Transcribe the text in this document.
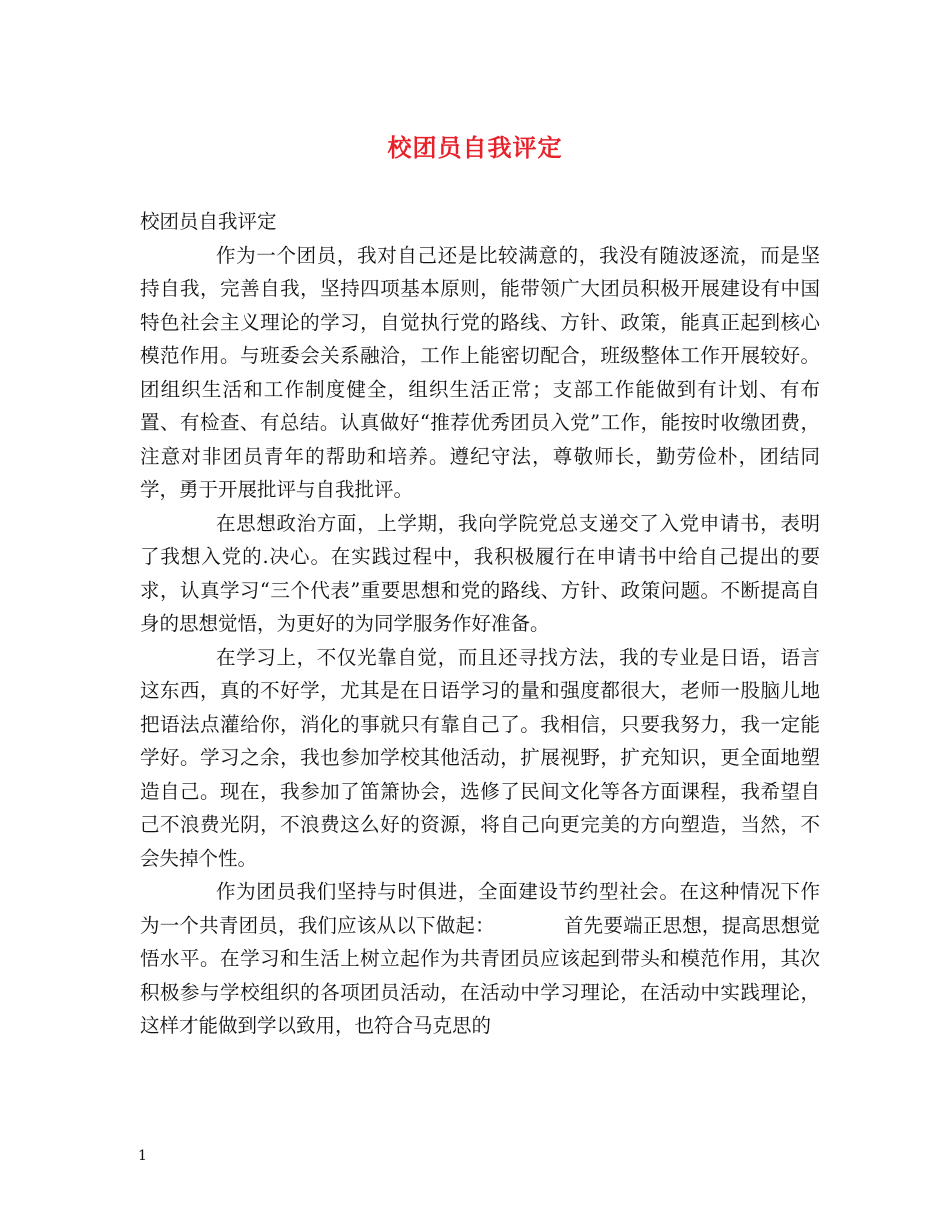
校团员自我评定

校团员自我评定

作为一个团员，我对自己还是比较满意的，我没有随波逐流，而是坚持自我，完善自我，坚持四项基本原则，能带领广大团员积极开展建设有中国特色社会主义理论的学习，自觉执行党的路线、方针、政策，能真正起到核心模范作用。与班委会关系融洽，工作上能密切配合，班级整体工作开展较好。团组织生活和工作制度健全，组织生活正常；支部工作能做到有计划、有布置、有检查、有总结。认真做好“推荐优秀团员入党”工作，能按时收缴团费，注意对非团员青年的帮助和培养。遵纪守法，尊敬师长，勤劳俭朴，团结同学，勇于开展批评与自我批评。

在思想政治方面，上学期，我向学院党总支递交了入党申请书，表明了我想入党的.决心。在实践过程中，我积极履行在申请书中给自己提出的要求，认真学习“三个代表”重要思想和党的路线、方针、政策问题。不断提高自身的思想觉悟，为更好的为同学服务作好准备。

在学习上，不仅光靠自觉，而且还寻找方法，我的专业是日语，语言这东西，真的不好学，尤其是在日语学习的量和强度都很大，老师一股脑儿地把语法点灌给你，消化的事就只有靠自己了。我相信，只要我努力，我一定能学好。学习之余，我也参加学校其他活动，扩展视野，扩充知识，更全面地塑造自己。现在，我参加了笛箫协会，选修了民间文化等各方面课程，我希望自己不浪费光阴，不浪费这么好的资源，将自己向更完美的方向塑造，当然，不会失掉个性。

作为团员我们坚持与时俱进，全面建设节约型社会。在这种情况下作为一个共青团员，我们应该从以下做起：　　　　首先要端正思想，提高思想觉悟水平。在学习和生活上树立起作为共青团员应该起到带头和模范作用，其次积极参与学校组织的各项团员活动，在活动中学习理论，在活动中实践理论，这样才能做到学以致用，也符合马克思的

1
